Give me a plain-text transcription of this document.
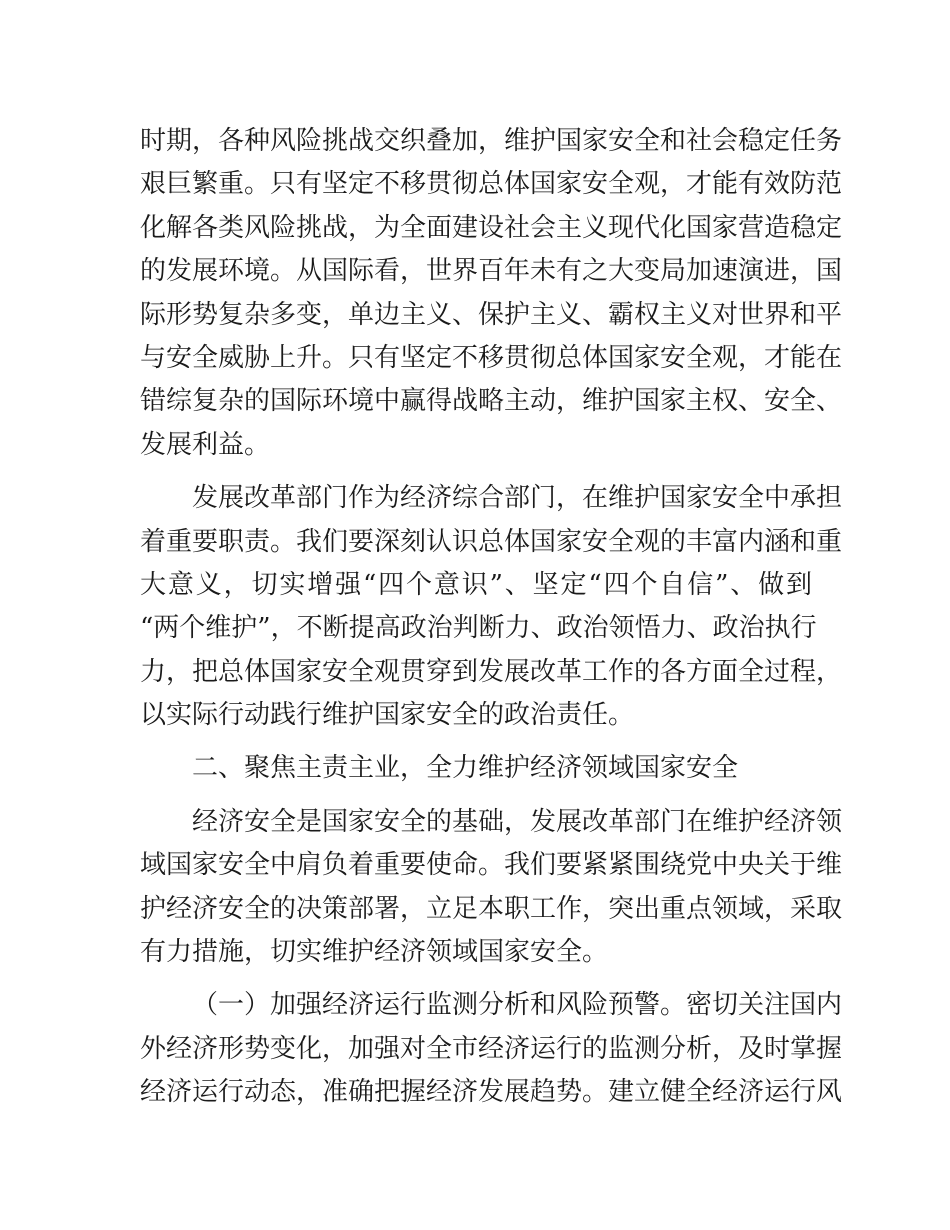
时期，各种风险挑战交织叠加，维护国家安全和社会稳定任务
艰巨繁重。只有坚定不移贯彻总体国家安全观，才能有效防范
化解各类风险挑战，为全面建设社会主义现代化国家营造稳定
的发展环境。从国际看，世界百年未有之大变局加速演进，国
际形势复杂多变，单边主义、保护主义、霸权主义对世界和平
与安全威胁上升。只有坚定不移贯彻总体国家安全观，才能在
错综复杂的国际环境中赢得战略主动，维护国家主权、安全、
发展利益。
发展改革部门作为经济综合部门，在维护国家安全中承担
着重要职责。我们要深刻认识总体国家安全观的丰富内涵和重
大意义，切实增强“四个意识”、坚定“四个自信”、做到
“两个维护”，不断提高政治判断力、政治领悟力、政治执行
力，把总体国家安全观贯穿到发展改革工作的各方面全过程，
以实际行动践行维护国家安全的政治责任。
二、聚焦主责主业，全力维护经济领域国家安全
经济安全是国家安全的基础，发展改革部门在维护经济领
域国家安全中肩负着重要使命。我们要紧紧围绕党中央关于维
护经济安全的决策部署，立足本职工作，突出重点领域，采取
有力措施，切实维护经济领域国家安全。
（一）加强经济运行监测分析和风险预警。密切关注国内
外经济形势变化，加强对全市经济运行的监测分析，及时掌握
经济运行动态，准确把握经济发展趋势。建立健全经济运行风
